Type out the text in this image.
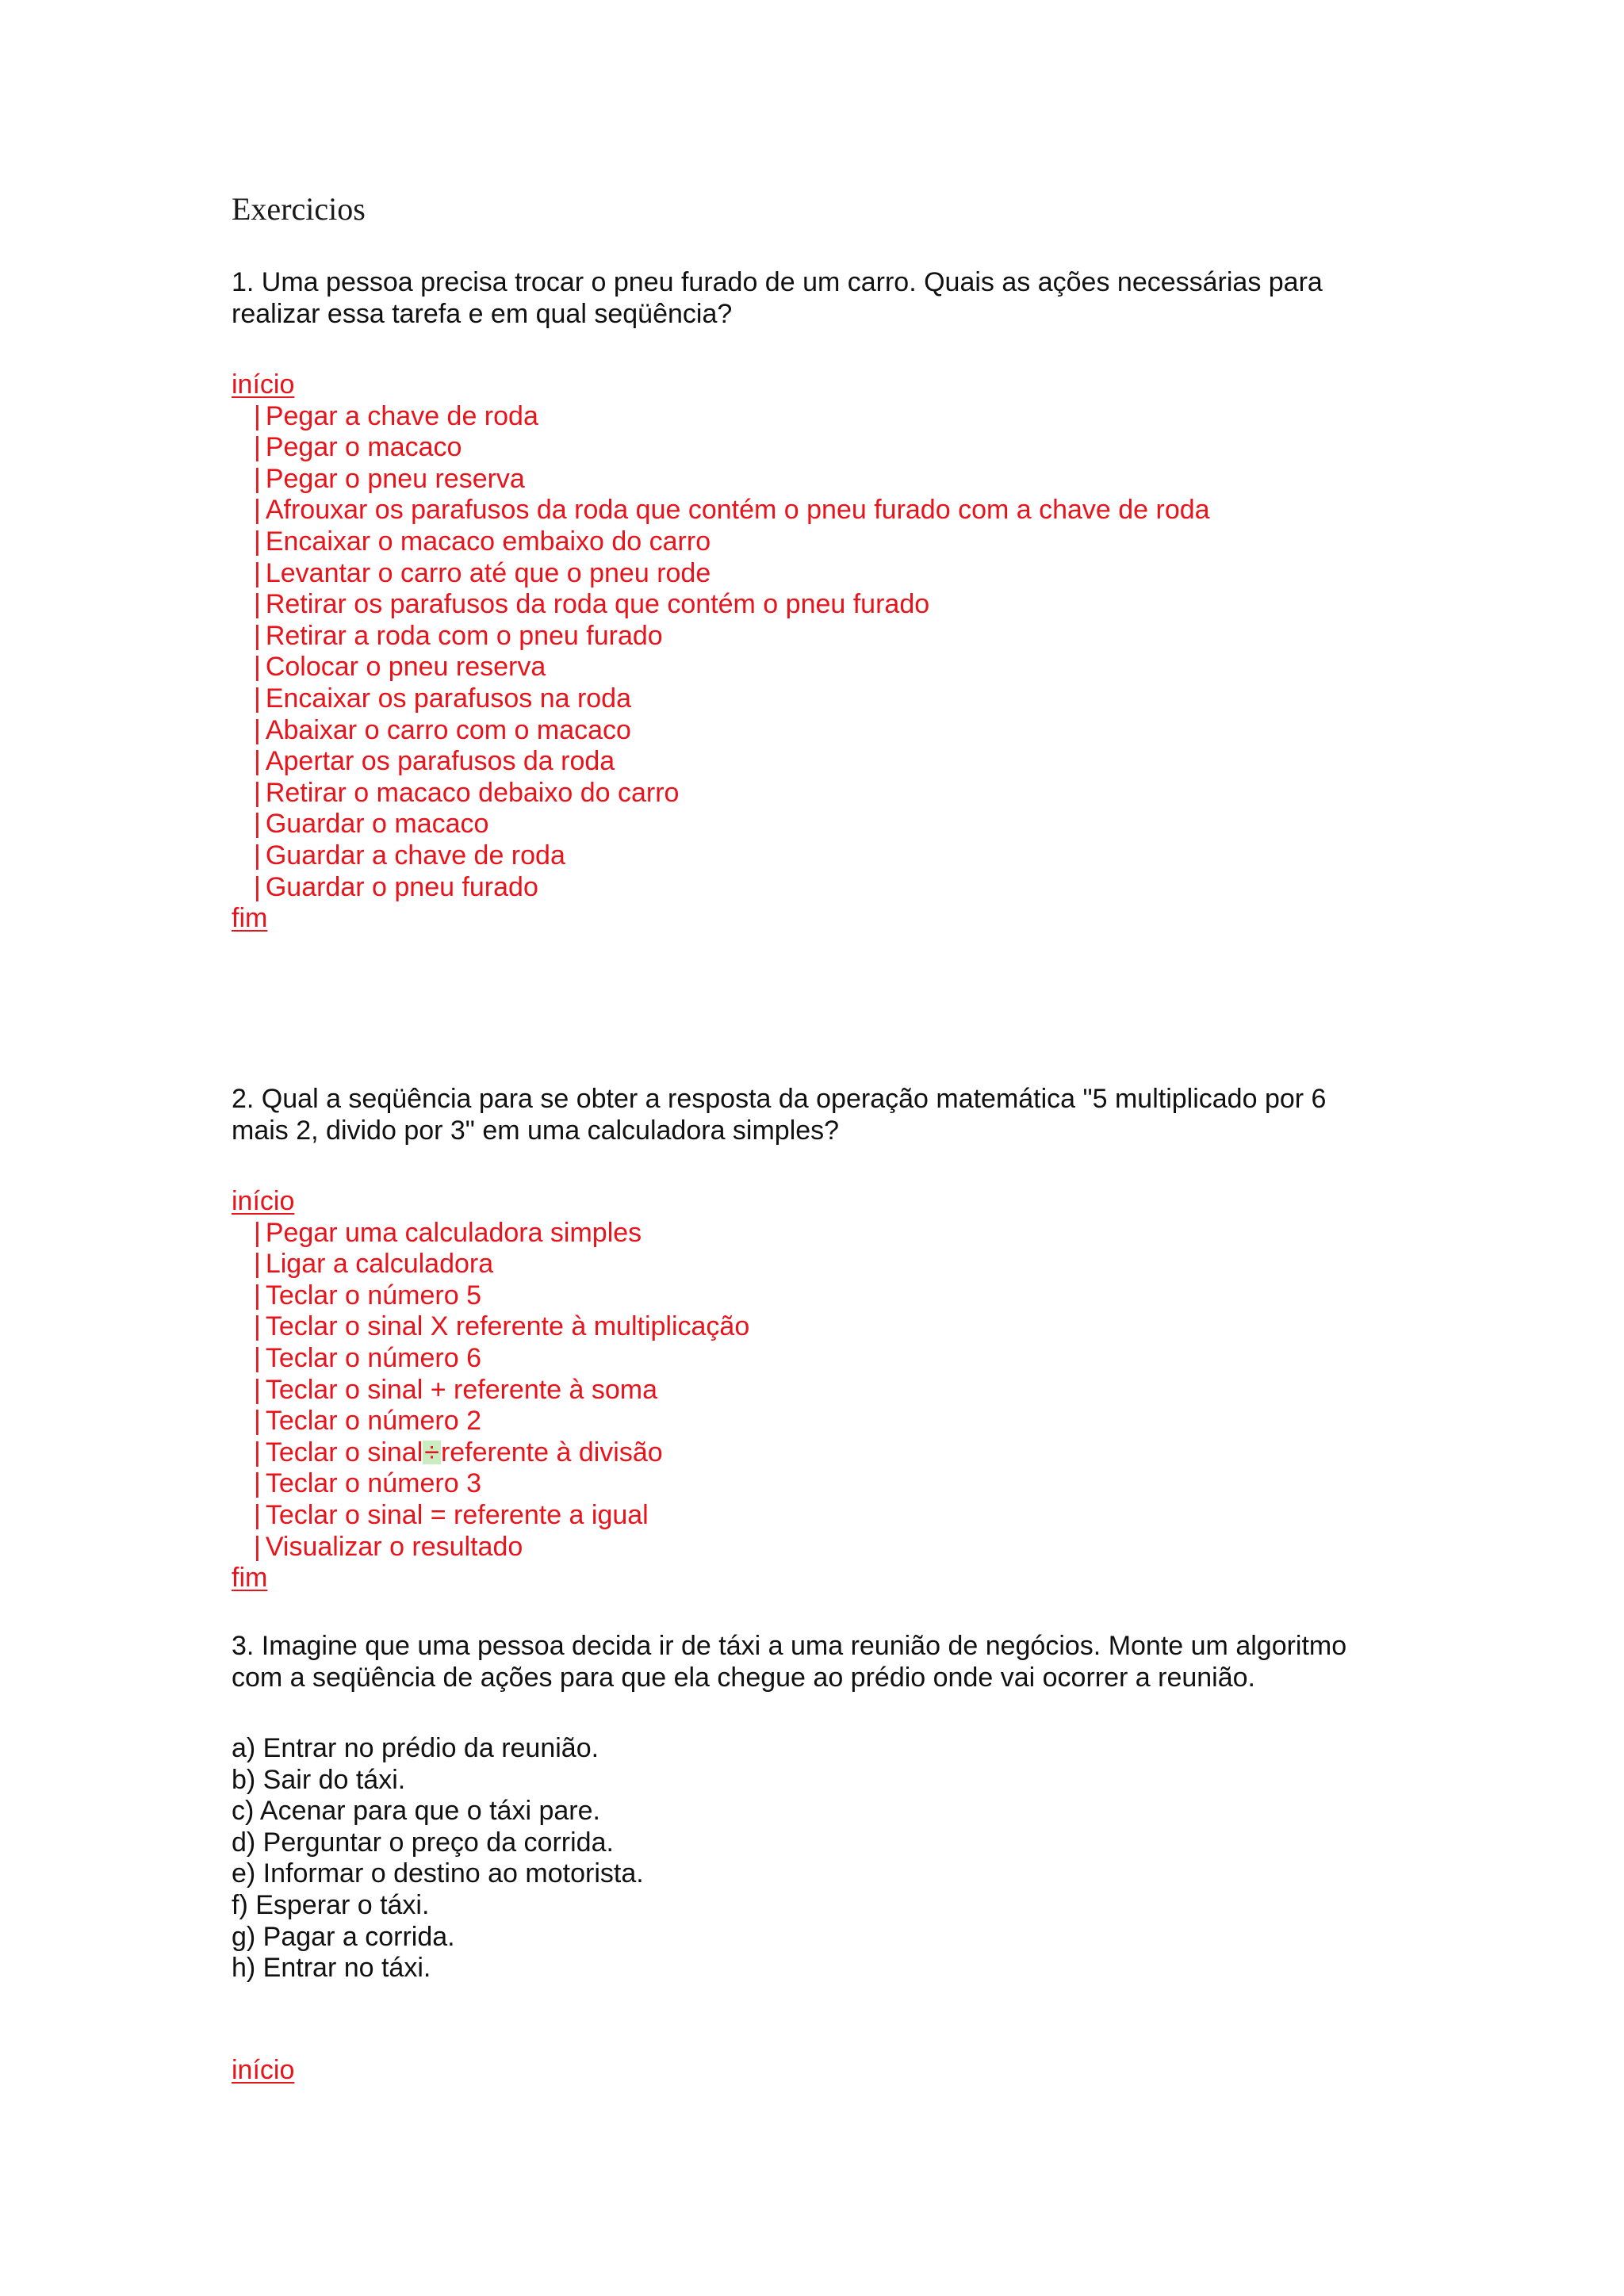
Exercicios
1. Uma pessoa precisa trocar o pneu furado de um carro. Quais as ações necessárias para
realizar essa tarefa e em qual seqüência?
início
| Pegar a chave de roda
| Pegar o macaco
| Pegar o pneu reserva
| Afrouxar os parafusos da roda que contém o pneu furado com a chave de roda
| Encaixar o macaco embaixo do carro
| Levantar o carro até que o pneu rode
| Retirar os parafusos da roda que contém o pneu furado
| Retirar a roda com o pneu furado
| Colocar o pneu reserva
| Encaixar os parafusos na roda
| Abaixar o carro com o macaco
| Apertar os parafusos da roda
| Retirar o macaco debaixo do carro
| Guardar o macaco
| Guardar a chave de roda
| Guardar o pneu furado
fim
2. Qual a seqüência para se obter a resposta da operação matemática "5 multiplicado por 6
mais 2, divido por 3" em uma calculadora simples?
início
| Pegar uma calculadora simples
| Ligar a calculadora
| Teclar o número 5
| Teclar o sinal X referente à multiplicação
| Teclar o número 6
| Teclar o sinal + referente à soma
| Teclar o número 2
| Teclar o sinal÷referente à divisão
| Teclar o número 3
| Teclar o sinal = referente a igual
| Visualizar o resultado
fim
3. Imagine que uma pessoa decida ir de táxi a uma reunião de negócios. Monte um algoritmo
com a seqüência de ações para que ela chegue ao prédio onde vai ocorrer a reunião.
a) Entrar no prédio da reunião.
b) Sair do táxi.
c) Acenar para que o táxi pare.
d) Perguntar o preço da corrida.
e) Informar o destino ao motorista.
f) Esperar o táxi.
g) Pagar a corrida.
h) Entrar no táxi.
início
